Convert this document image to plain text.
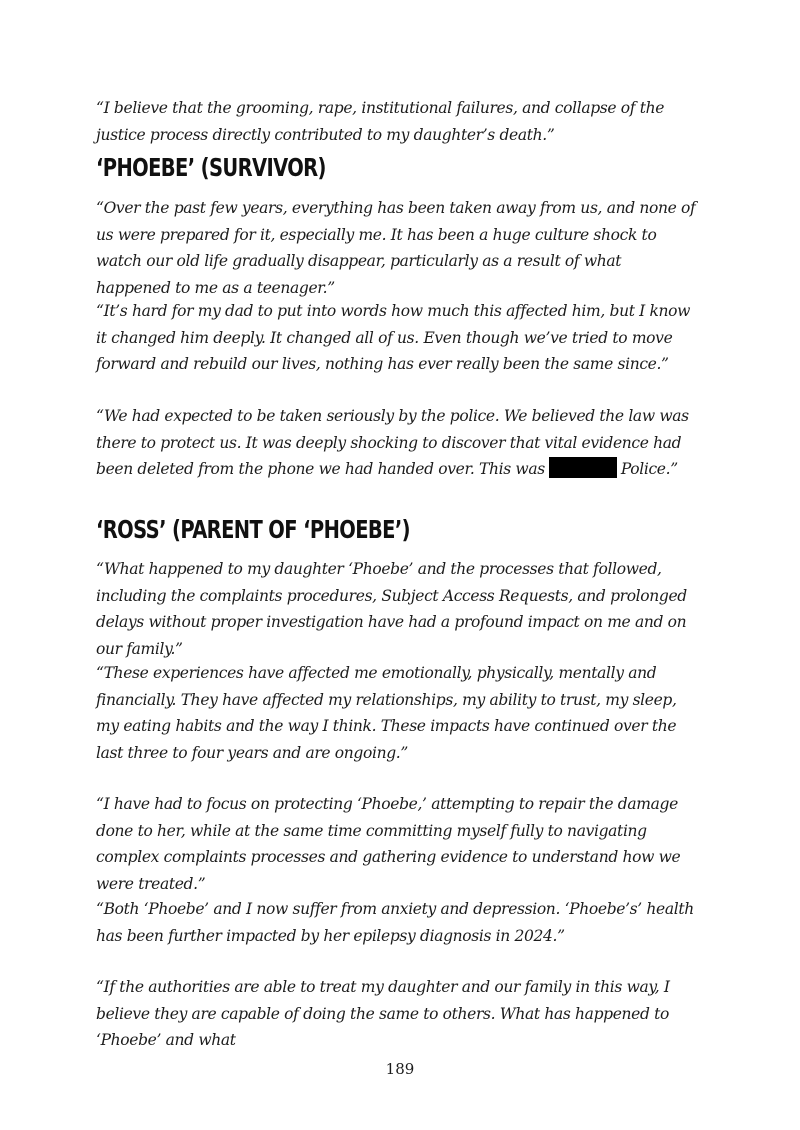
“I believe that the grooming, rape, institutional failures, and collapse of the justice process directly contributed to my daughter’s death.”

‘PHOEBE’ (SURVIVOR)

“Over the past few years, everything has been taken away from us, and none of us were prepared for it, especially me. It has been a huge culture shock to watch our old life gradually disappear, particularly as a result of what happened to me as a teenager.”

“It’s hard for my dad to put into words how much this affected him, but I know it changed him deeply. It changed all of us. Even though we’ve tried to move forward and rebuild our lives, nothing has ever really been the same since.”

“We had expected to be taken seriously by the police. We believed the law was there to protect us. It was deeply shocking to discover that vital evidence had been deleted from the phone we had handed over. This was	Police.”

‘ROSS’ (PARENT OF ‘PHOEBE’)

“What happened to my daughter ‘Phoebe’ and the processes that followed, including the complaints procedures, Subject Access Requests, and prolonged delays without proper investigation have had a profound impact on me and on our family.”

“These experiences have affected me emotionally, physically, mentally and financially. They have affected my relationships, my ability to trust, my sleep, my eating habits and the way I think. These impacts have continued over the last three to four years and are ongoing.”

“I have had to focus on protecting ‘Phoebe,’ attempting to repair the damage done to her, while at the same time committing myself fully to navigating complex complaints processes and gathering evidence to understand how we were treated.”

“Both ‘Phoebe’ and I now suffer from anxiety and depression. ‘Phoebe’s’ health has been further impacted by her epilepsy diagnosis in 2024.”

“If the authorities are able to treat my daughter and our family in this way, I believe they are capable of doing the same to others. What has happened to ‘Phoebe’ and what

189
